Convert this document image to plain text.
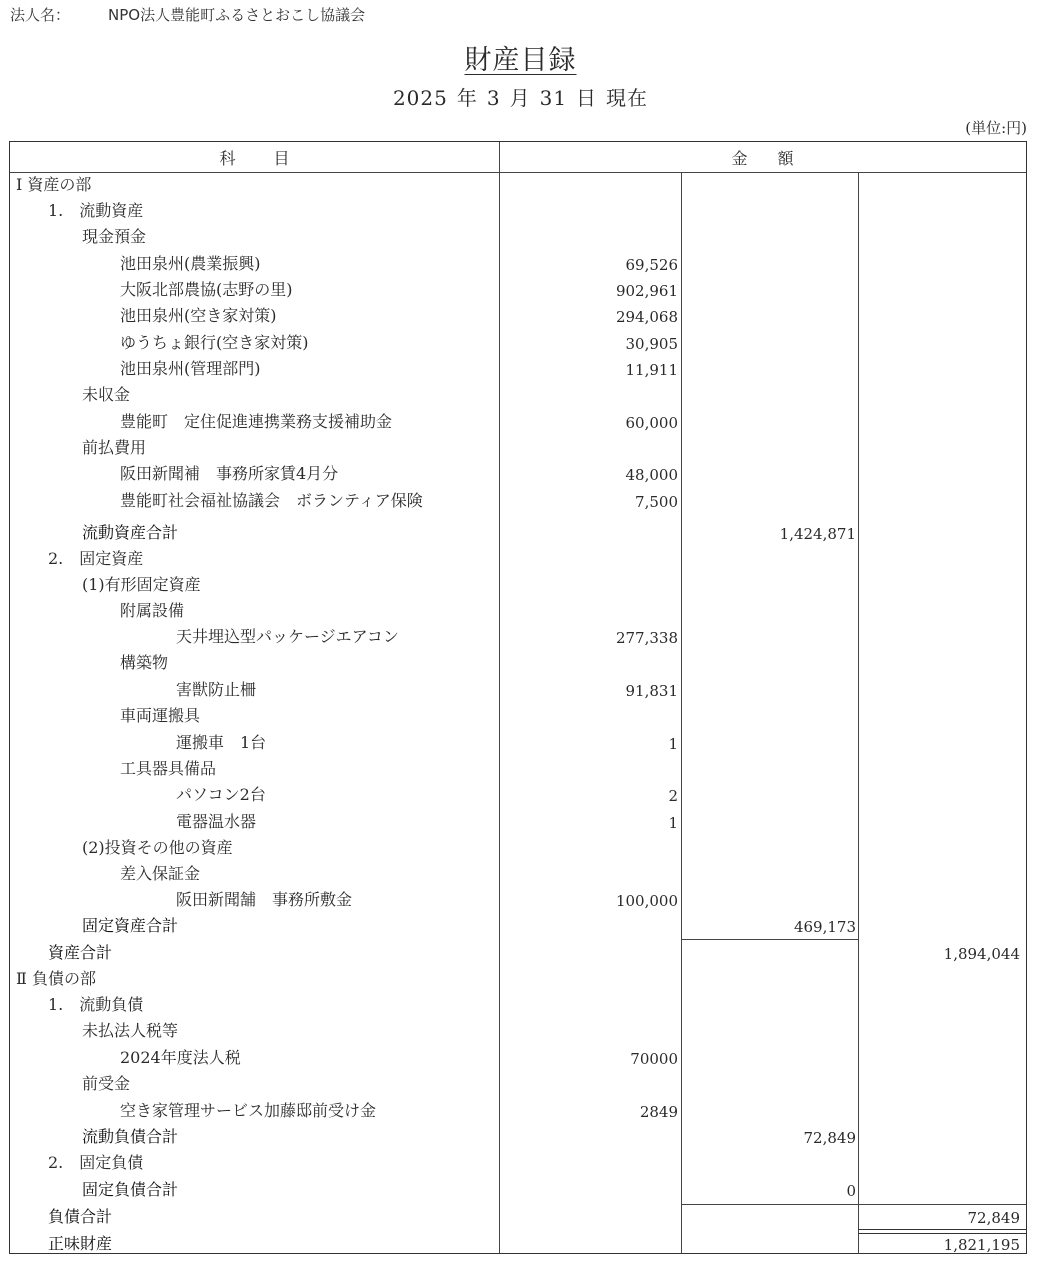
法人名：	NPO法人豊能町ふるさとおこし協議会
財産目録
2025 年 3 月 31 日 現在
(単位:円)
科目	金額
Ⅰ 資産の部
1.　流動資産
現金預金
池田泉州(農業振興)	69,526
大阪北部農協(志野の里)	902,961
池田泉州(空き家対策)	294,068
ゆうちょ銀行(空き家対策)	30,905
池田泉州(管理部門)	11,911
未収金
豊能町　定住促進連携業務支援補助金	60,000
前払費用
阪田新聞補　事務所家賃4月分	48,000
豊能町社会福祉協議会　ボランティア保険	7,500
流動資産合計	1,424,871
2.　固定資産
(1)有形固定資産
附属設備
天井埋込型パッケージエアコン	277,338
構築物
害獣防止柵	91,831
車両運搬具
運搬車　1台	1
工具器具備品
パソコン2台	2
電器温水器	1
(2)投資その他の資産
差入保証金
阪田新聞舗　事務所敷金	100,000
固定資産合計	469,173
資産合計	1,894,044
Ⅱ 負債の部
1.　流動負債
未払法人税等
2024年度法人税	70000
前受金
空き家管理サービス加藤邸前受け金	2849
流動負債合計	72,849
2.　固定負債
固定負債合計	0
負債合計	72,849
正味財産	1,821,195
